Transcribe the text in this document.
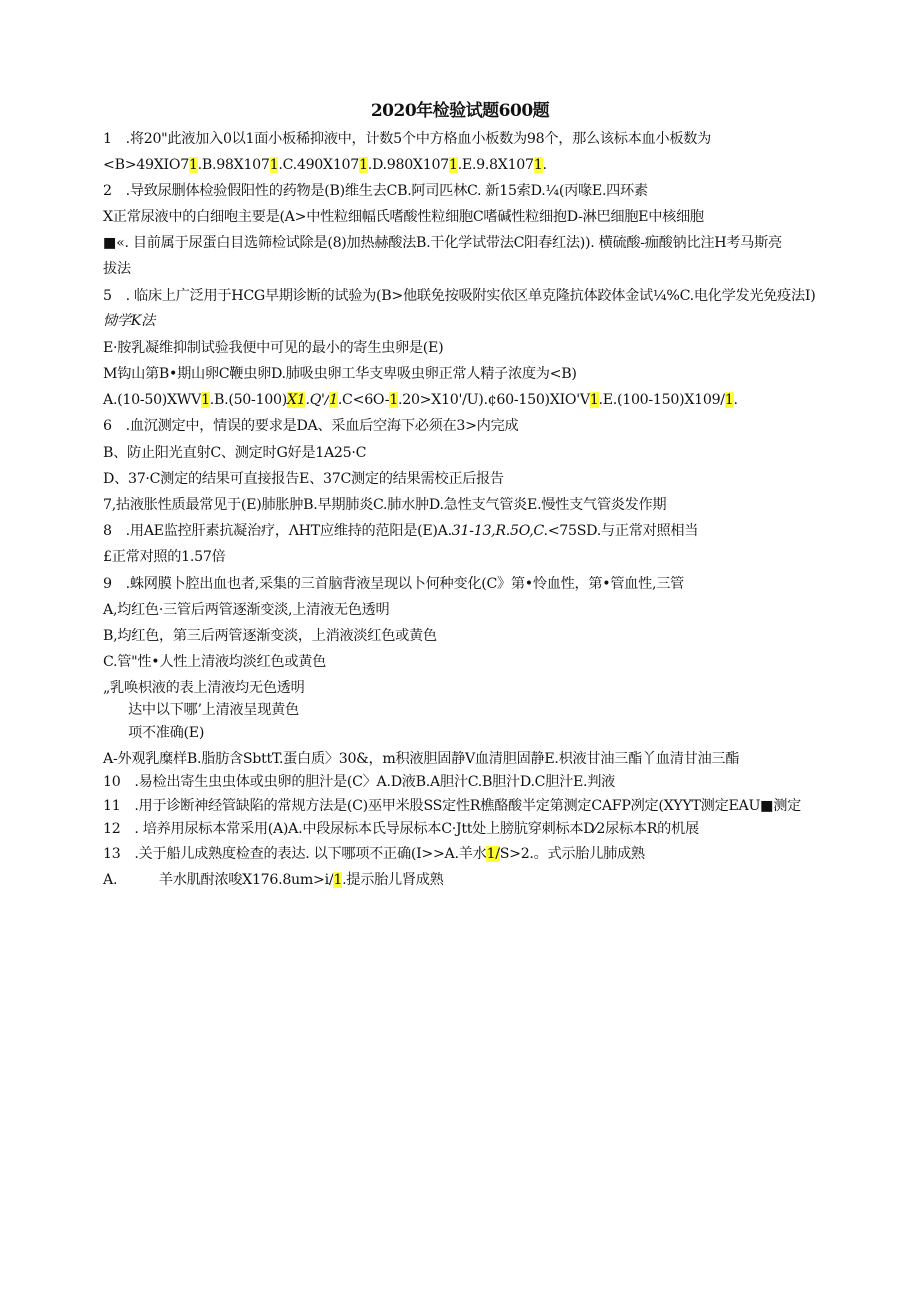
2020年检验试题600题
1　.将20"此液加入0以1面小板稀抑液中，计数5个中方格血小板数为98个，那么该标本血小板数为
<B>49XIO71.B.98X1071.C.490X1071.D.980X1071.E.9.8X1071.
2　.导致尿删体检验假阳性的药物是(B)维生去CB.阿司匹林C. 新15索D.¼(丙喙E.四环素
X正常尿液中的白细咆主要是(A>中性粒细幅氏嗜酸性粒细胞C嗜碱性粒细抱D-淋巴细胞E中核细胞
■«. 目前属于尿蛋白目选筛检试除是(8)加热赫酸法B.干化学试带法C阳春红法)). 横硫酸-痂酸钠比注H考马斯亮
拔法
5　. 临床上广泛用于HCG早期诊断的试验为(B>他联免按吸附实依区单克隆抗体跤体金试¼%C.电化学发光免疫法I)
恸学K法
E·胺乳凝维抑制试验我便中可见的最小的寄生虫卵是(E)
M钩山第B•期山卵C鞭虫卵D.肺吸虫卵工华支卑吸虫卵正常人精子浓度为<B)
A.(10-50)XWV1.B.(50-100)X1.Q'/1.C<6O-1.20>X10'/U).¢60-150)XIO'V1.E.(100-150)X109/1.
6　.血沉测定中，情误的要求是DA、采血后空海下必须在3>内完成
B、防止阳光直射C、测定时G好是1A25·C
D、37·C测定的结果可直接报告E、37C测定的结果需校正后报告
7,拈液胀性质最常见于(E)肺胀肿B.早期肺炎C.肺水肿D.急性支气管炎E.慢性支气管炎发作期
8　.用AE监控肝素抗凝治疗，ΛHT应维持的范阳是(E)A.31-13,R.5O,C.<75SD.与正常对照相当
£正常对照的1.57倍
9　.蛛网膜卜腔出血也者,采集的三首脑背液呈现以卜何种变化(C》第•怜血性，第•管血性,三管
A,均红色·三管后两管逐渐变淡,上清液无色透明
B,均红色，第三后两管逐渐变淡，上消液淡红色或黄色
C.管"性•人性上清液均淡红色或黄色
„乳唤枳液的表上清液均无色透明
达中以下哪’上清液呈现黄色
项不准确(E)
A-外观乳糜样B.脂肪含SbttT.蛋白质〉30&，m积液胆固静V血清胆固静E.枳液甘油三酯丫血清甘油三酯
10　.易检出寄生虫虫体或虫卵的胆汁是(C〉A.D液B.A胆汁C.B胆汁D.C胆汁E.判液
11　.用于诊断神经管缺陷的常规方法是(C)巫甲米股SS定性R樵酪酸半定第测定CAFP冽定(XYYT测定EAU■测定
12　. 培养用尿标本常采用(A)A.中段尿标本氏导尿标本C·Jtt处上膀肮穿刺标本D⁄2尿标本R的机展
13　.关于船儿成熟度检查的表达. 以下哪项不正确(I>>A.羊水1/S>2.。式示胎儿肺成熟
A.　　　羊水肌酎浓唆X176.8um>i/1.提示胎儿肾成熟
